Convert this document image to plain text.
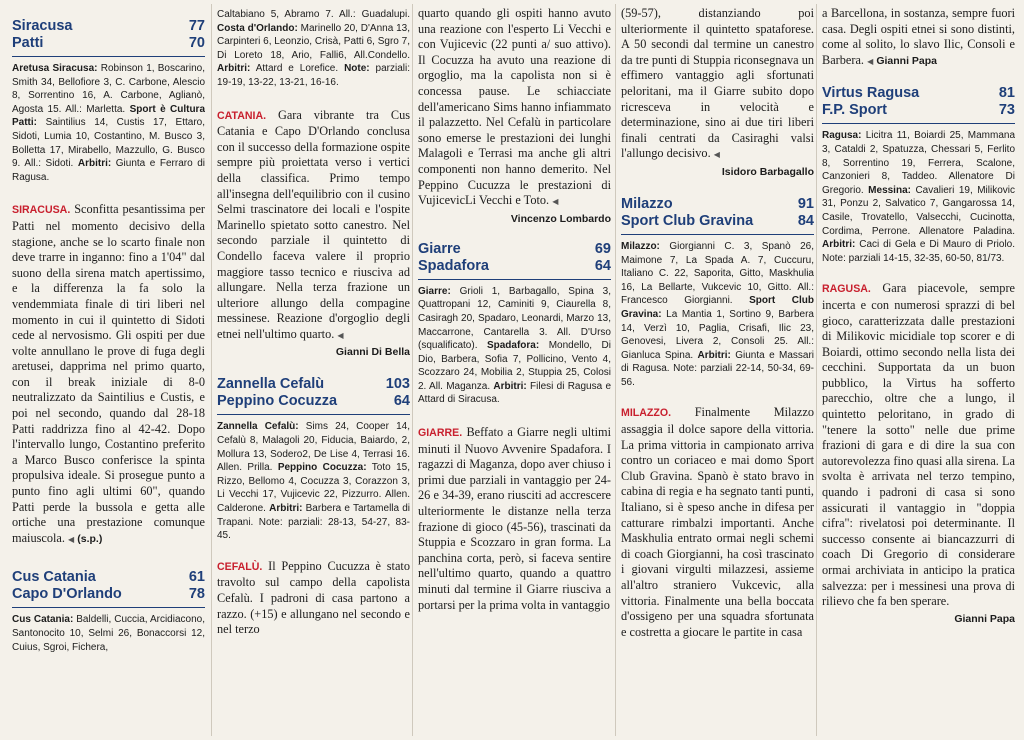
Siracusa	77
Patti	70
Aretusa Siracusa: Robinson 1, Boscarino, Smith 34, Bellofiore 3, C. Carbone, Alescio 8, Sorrentino 16, A. Carbone, Aglianò, Agosta 15. All.: Marletta. Sport è Cultura Patti: Saintilius 14, Custis 17, Ettaro, Sidoti, Lumia 10, Costantino, M. Busco 3, Bolletta 17, Mirabello, Mazzullo, G. Busco 9. All.: Sidoti. Arbitri: Giunta e Ferraro di Ragusa.
SIRACUSA. Sconfitta pesantissima per Patti nel momento decisivo della stagione, anche se lo scarto finale non deve trarre in inganno: fino a 1'04" dal suono della sirena match apertissimo, e la differenza la fa solo la vendemmiata finale di tiri liberi nel momento in cui il quintetto di Sidoti cede al nervosismo. Gli ospiti per due volte annullano le prove di fuga degli aretusei, dapprima nel primo quarto, con il break iniziale di 8-0 neutralizzato da Saintilius e Custis, e poi nel secondo, quando dal 28-18 Patti raddrizza fino al 42-42. Dopo l'intervallo lungo, Costantino preferito a Marco Busco conferisce la spinta propulsiva ideale. Si prosegue punto a punto fino agli ultimi 60", quando Patti perde la bussola e getta alle ortiche una prestazione comunque maiuscola. ◀ (s.p.)
Cus Catania	61
Capo D'Orlando	78
Cus Catania: Baldelli, Cuccia, Arcidiacono, Santonocito 10, Selmi 26, Bonaccorsi 12, Cuius, Sgroi, Fichera,
Caltabiano 5, Abramo 7. All.: Guadalupi. Costa d'Orlando: Marinello 20, D'Anna 13, Carpinteri 6, Leonzio, Crisà, Patti 6, Sgro 7, Di Loreto 18, Ario, Falli6, All.Condello. Arbitri: Attard e Lorefice. Note: parziali: 19-19, 13-22, 13-21, 16-16.
CATANIA. Gara vibrante tra Cus Catania e Capo D'Orlando conclusa con il successo della formazione ospite sempre più proiettata verso i vertici della classifica. Primo tempo all'insegna dell'equilibrio con il cusino Selmi trascinatore dei locali e l'ospite Marinello spietato sotto canestro. Nel secondo parziale il quintetto di Condello faceva valere il proprio maggiore tasso tecnico e riusciva ad allungare. Nella terza frazione un ulteriore allungo della compagine messinese. Reazione d'orgoglio degli etnei nell'ultimo quarto. ◀
Gianni Di Bella
Zannella Cefalù	103
Peppino Cocuzza	64
Zannella Cefalù: Sims 24, Cooper 14, Cefalù 8, Malagoli 20, Fiducia, Baiardo, 2, Mollura 13, Sodero2, De Lise 4, Terrasi 16. Allen. Prilla. Peppino Cocuzza: Toto 15, Rizzo, Bellomo 4, Cocuzza 3, Corazzon 3, Li Vecchi 17, Vujicevic 22, Pizzurro. Allen. Calderone. Arbitri: Barbera e Tartamella di Trapani. Note: parziali: 28-13, 54-27, 83-45.
CEFALÙ. Il Peppino Cucuzza è stato travolto sul campo della capolista Cefalù. I padroni di casa partono a razzo. (+15) e allungano nel secondo e nel terzo
quarto quando gli ospiti hanno avuto una reazione con l'esperto Li Vecchi e con Vujicevic (22 punti a/ suo attivo). Il Cocuzza ha avuto una reazione di orgoglio, ma la capolista non si è concessa pause. Le schiacciate dell'americano Sims hanno infiammato il palazzetto. Nel Cefalù in particolare sono emerse le prestazioni dei lunghi Malagoli e Terrasi ma anche gli altri componenti non hanno demerito. Nel Peppino Cucuzza le prestazioni di VujicevicLi Vecchi e Toto. ◀
Vincenzo Lombardo
Giarre	69
Spadafora	64
Giarre: Grioli 1, Barbagallo, Spina 3, Quattropani 12, Caminiti 9, Ciaurella 8, Casiragh 20, Spadaro, Leonardi, Marzo 13, Maccarrone, Cantarella 3. All. D'Urso (squalificato). Spadafora: Mondello, Di Dio, Barbera, Sofia 7, Pollicino, Vento 4, Scozzaro 24, Mobilia 2, Stuppia 25, Colosi 2. All. Maganza. Arbitri: Filesi di Ragusa e Attard di Siracusa.
GIARRE. Beffato a Giarre negli ultimi minuti il Nuovo Avvenire Spadafora. I ragazzi di Maganza, dopo aver chiuso i primi due parziali in vantaggio per 24-26 e 34-39, erano riusciti ad accrescere ulteriormente le distanze nella terza frazione di gioco (45-56), trascinati da Stuppia e Scozzaro in gran forma. La panchina corta, però, si faceva sentire nell'ultimo quarto, quando a quattro minuti dal termine il Giarre riusciva a portarsi per la prima volta in vantaggio
(59-57), distanziando poi ulteriormente il quintetto spataforese. A 50 secondi dal termine un canestro da tre punti di Stuppia riconsegnava un effimero vantaggio agli sfortunati peloritani, ma il Giarre subito dopo ricresceva in velocità e determinazione, sino ai due tiri liberi finali centrati da Casiraghi valsi l'allungo decisivo. ◀
Isidoro Barbagallo
Milazzo	91
Sport Club Gravina	84
Milazzo: Giorgianni C. 3, Spanò 26, Maimone 7, La Spada A. 7, Cuccuru, Italiano C. 22, Saporita, Gitto, Maskhulia 16, La Bellarte, Vukcevic 10, Gitto. All.: Francesco Giorgianni. Sport Club Gravina: La Mantia 1, Sortino 9, Barbera 14, Verzì 10, Paglia, Crisafi, Ilic 23, Genovesi, Livera 2, Consoli 25. All.: Gianluca Spina. Arbitri: Giunta e Massari di Ragusa. Note: parziali 22-14, 50-34, 69-56.
MILAZZO. Finalmente Milazzo assaggia il dolce sapore della vittoria. La prima vittoria in campionato arriva contro un coriaceo e mai domo Sport Club Gravina. Spanò è stato bravo in cabina di regia e ha segnato tanti punti, Italiano, si è speso anche in difesa per catturare rimbalzi importanti. Anche Maskhulia entrato ormai negli schemi di coach Giorgianni, ha così trascinato i giovani virgulti milazzesi, assieme all'altro straniero Vukcevic, alla vittoria. Finalmente una bella boccata d'ossigeno per una squadra sfortunata e costretta a giocare le partite in casa
a Barcellona, in sostanza, sempre fuori casa. Degli ospiti etnei si sono distinti, come al solito, lo slavo Ilic, Consoli e Barbera. ◀ Gianni Papa
Virtus Ragusa	81
F.P. Sport	73
Ragusa: Licitra 11, Boiardi 25, Mammana 3, Cataldi 2, Spatuzza, Chessari 5, Ferlito 8, Sorrentino 19, Ferrera, Scalone, Canzonieri 8, Taddeo. Allenatore Di Gregorio. Messina: Cavalieri 19, Milikovic 31, Ponzu 2, Salvatico 7, Gangarossa 14, Casile, Trovatello, Valsecchi, Cucinotta, Cordima, Perrone. Allenatore Paladina. Arbitri: Caci di Gela e Di Mauro di Priolo. Note: parziali 14-15, 32-35, 60-50, 81/73.
RAGUSA. Gara piacevole, sempre incerta e con numerosi sprazzi di bel gioco, caratterizzata dalle prestazioni di Milikovic micidiale top scorer e di Boiardi, ottimo secondo nella lista dei cecchini. Supportata da un buon pubblico, la Virtus ha sofferto parecchio, oltre che a lungo, il quintetto peloritano, in grado di "tenere la sotto" nelle due prime frazioni di gara e di dire la sua con autorevolezza fino quasi alla sirena. La svolta è arrivata nel terzo tempino, quando i padroni di casa si sono assicurati il vantaggio in "doppia cifra": rivelatosi poi determinante. Il successo consente ai biancazzurri di coach Di Gregorio di considerare ormai archiviata in anticipo la pratica salvezza: per i messinesi una prova di rilievo che fa ben sperare.
Gianni Papa
